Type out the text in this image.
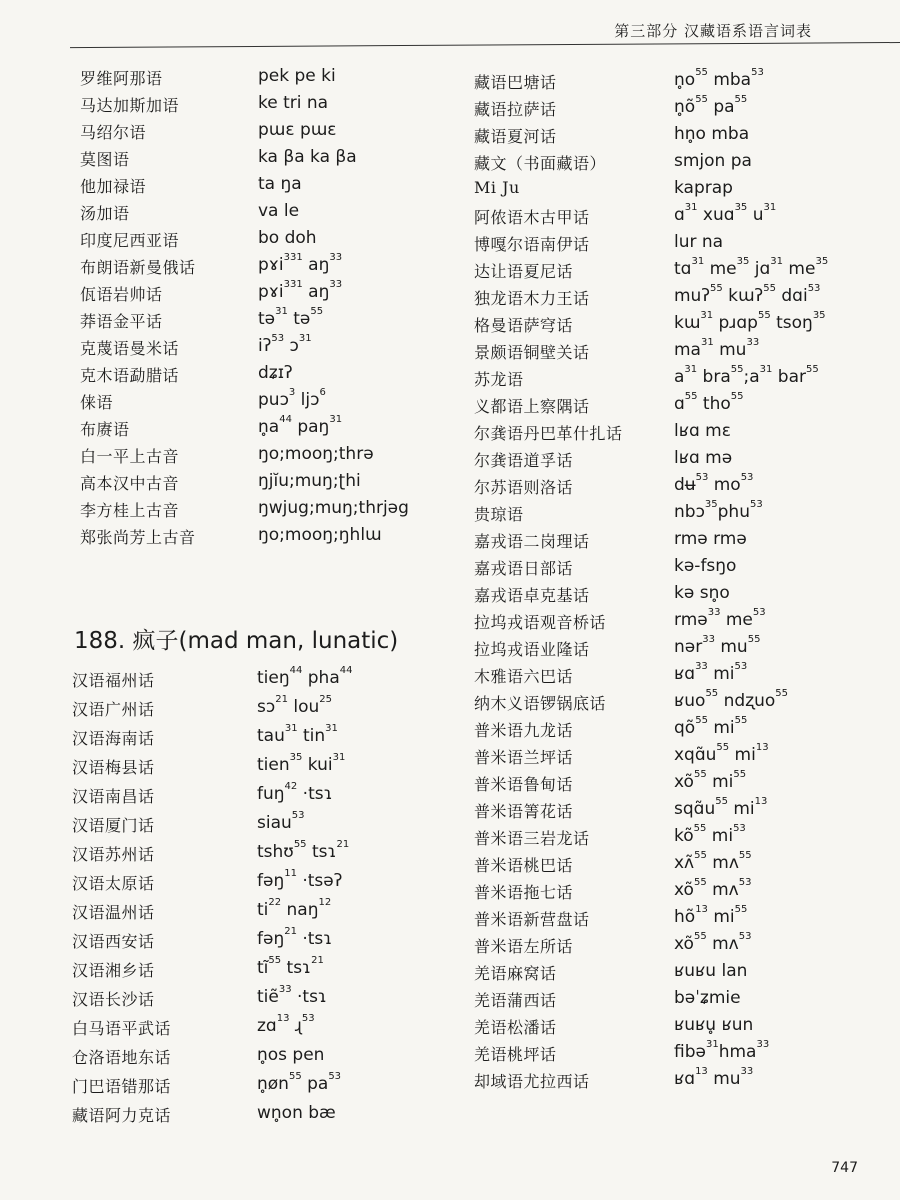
第三部分 汉藏语系语言词表
罗维阿那语	pek pe ki
马达加斯加语	ke tri na
马绍尔语	pɯɛ pɯɛ
莫图语	ka βa ka βa
他加禄语	ta ŋa
汤加语	va le
印度尼西亚语	bo doh
布朗语新曼俄话	pɤi$^{331}$ $aŋ^{33}$
佤语岩帅话	pɤi$^{331}$ $aŋ^{33}$
莽语金平话	tə$^{31}$ tə$^{55}$
克蔑语曼米话	iʔ$^{53}$ ɔ$^{31}$
克木语勐腊话	dʑɪʔ
俫语	puɔ$^3$ ljɔ$^6$
布赓语	$n̥a^{44}$ paŋ$^{31}$
白一平上古音	ŋo;mooŋ;thrə
高本汉中古音	ŋjĭu;muŋ;ʈhi
李方桂上古音	ŋwjug;muŋ;thrjəg
郑张尚芳上古音	ŋo;mooŋ;ŋhlɯ
188. 疯子(mad man, lunatic)
汉语福州话	tieŋ$^{44}$ pha$^{44}$
汉语广州话	sɔ$^{21}$ lou$^{25}$
汉语海南话	tau$^{31}$ tin$^{31}$
汉语梅县话	tien$^{35}$ kui$^{31}$
汉语南昌话	fuŋ$^{42}$ ·tsɿ
汉语厦门话	siau$^{53}$
汉语苏州话	tshʊ$^{55}$ tsɿ$^{21}$
汉语太原话	fəŋ$^{11}$ ·tsəʔ
汉语温州话	$ti^{22}$ naŋ$^{12}$
汉语西安话	fəŋ$^{21}$ ·tsɿ
汉语湘乡话	$tĩ^{55}$ tsɿ$^{21}$
汉语长沙话	tiẽ$^{33}$ ·tsɿ
白马语平武话	zɑ$^{13}$ ɻ$^{53}$
仓洛语地东话	n̥os pen
门巴语错那话	$n̥øn^{55}$ $pa^{53}$
藏语阿力克话	wn̥on bæ
藏语巴塘话	$n̥o^{55}$ mba$^{53}$
藏语拉萨话	$n̥õ^{55}$ $pa^{55}$
藏语夏河话	hn̥o mba
藏文（书面藏语）	smjon pa
Mi Ju	kaprap
阿侬语木古甲话	ɑ$^{31}$ xuɑ$^{35}$ $u^{31}$
博嘎尔语南伊话	lur na
达让语夏尼话	tɑ$^{31}$ $me^{35}$ jɑ$^{31}$ $me^{35}$
独龙语木力王话	muʔ$^{55}$ kɯʔ$^{55}$ dɑi$^{53}$
格曼语萨穹话	kɯ$^{31}$ pɹɑp$^{55}$ tsoŋ$^{35}$
景颇语铜壁关话	$ma^{31}$ $mu^{33}$
苏龙语	$a^{31}$ $bra^{55};a^{31}$ bar$^{55}$
义都语上察隅话	ɑ$^{55}$ tho$^{55}$
尔龚语丹巴革什扎话	lʁɑ mɛ
尔龚语道孚话	lʁɑ mə
尔苏语则洛话	dʉ$^{53}$ $mo^{53}$
贵琼语	nbɔ$^{35}$phu$^{53}$
嘉戎语二岗理话	rmə rmə
嘉戎语日部话	kə-fsŋo
嘉戎语卓克基话	kə sn̥o
拉坞戎语观音桥话	rmə$^{33}$ $me^{53}$
拉坞戎语业隆话	nər$^{33}$ $mu^{55}$
木雅语六巴话	ʁɑ$^{33}$ $mi^{53}$
纳木义语锣锅底话	ʁuo$^{55}$ ndʐuo$^{55}$
普米语九龙话	$qõ^{55}$ $mi^{55}$
普米语兰坪话	$xqɑ̃u^{55}$ $mi^{13}$
普米语鲁甸话	$xõ^{55}$ $mi^{55}$
普米语箐花话	$sqɑ̃u^{55}$ $mi^{13}$
普米语三岩龙话	$kõ^{55}$ $mi^{53}$
普米语桃巴话	xʌ̃$^{55}$ mʌ$^{55}$
普米语拖七话	$xõ^{55}$ mʌ$^{53}$
普米语新营盘话	$hõ^{13}$ $mi^{55}$
普米语左所话	$xõ^{55}$ mʌ$^{53}$
羌语麻窝话	ʁuʁu lan
羌语蒲西话	bəˈʑmie
羌语松潘话	ʁuʁu̥ ʁun
羌语桃坪话	fibə$^{31}$hma$^{33}$
却域语尤拉西话	ʁɑ$^{13}$ $mu^{33}$
747
